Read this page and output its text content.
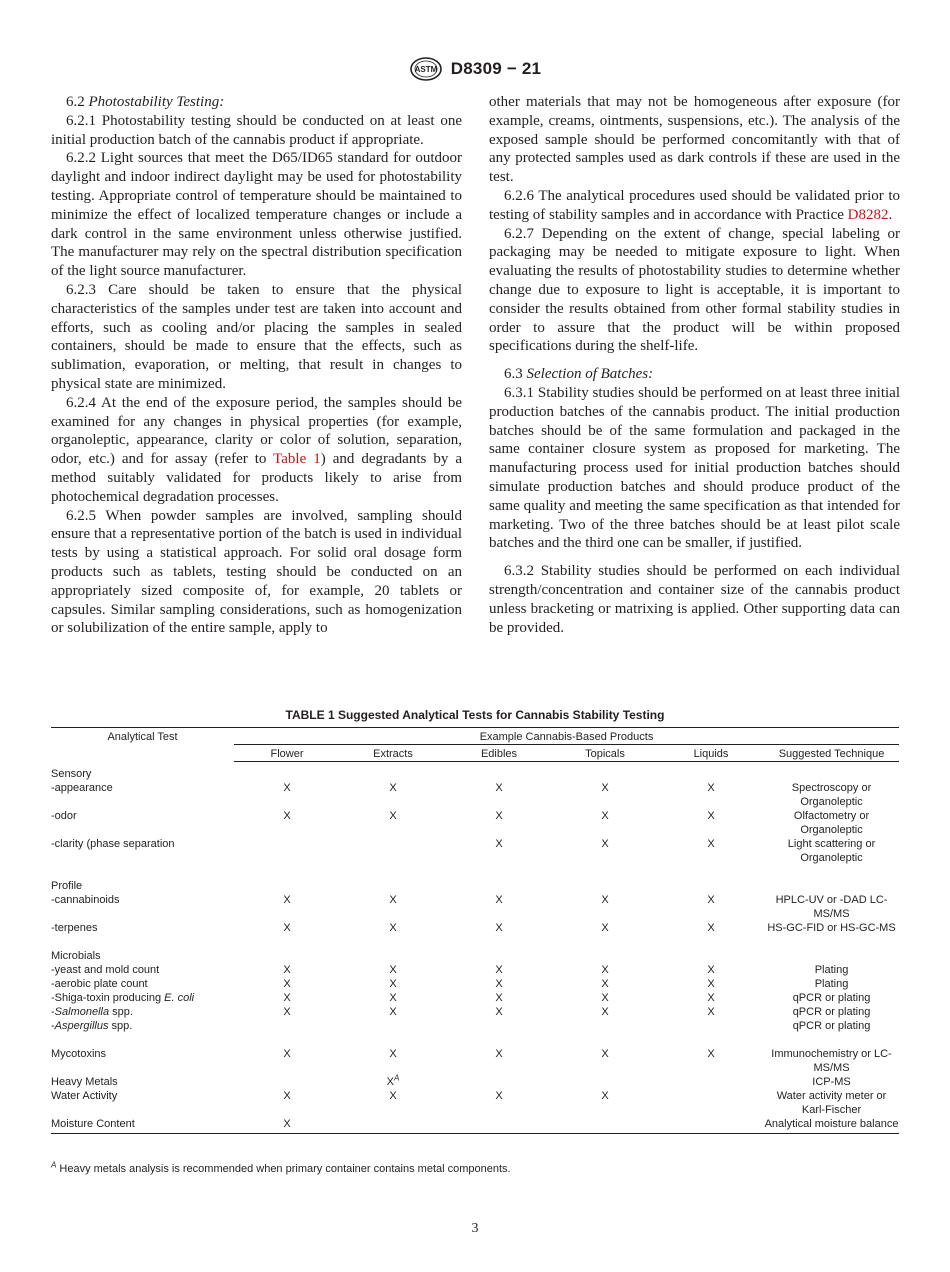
ASTM D8309 − 21

6.2 Photostability Testing:

6.2.1 Photostability testing should be conducted on at least one initial production batch of the cannabis product if appropriate.

6.2.2 Light sources that meet the D65/ID65 standard for outdoor daylight and indoor indirect daylight may be used for photostability testing. Appropriate control of temperature should be maintained to minimize the effect of localized temperature changes or include a dark control in the same environment unless otherwise justified. The manufacturer may rely on the spectral distribution specification of the light source manufacturer.

6.2.3 Care should be taken to ensure that the physical characteristics of the samples under test are taken into account and efforts, such as cooling and/or placing the samples in sealed containers, should be made to ensure that the effects, such as sublimation, evaporation, or melting, that result in changes to physical state are minimized.

6.2.4 At the end of the exposure period, the samples should be examined for any changes in physical properties (for example, organoleptic, appearance, clarity or color of solution, separation, odor, etc.) and for assay (refer to Table 1) and degradants by a method suitably validated for products likely to arise from photochemical degradation processes.

6.2.5 When powder samples are involved, sampling should ensure that a representative portion of the batch is used in individual tests by using a statistical approach. For solid oral dosage form products such as tablets, testing should be conducted on an appropriately sized composite of, for example, 20 tablets or capsules. Similar sampling considerations, such as homogenization or solubilization of the entire sample, apply to

other materials that may not be homogeneous after exposure (for example, creams, ointments, suspensions, etc.). The analysis of the exposed sample should be performed concomitantly with that of any protected samples used as dark controls if these are used in the test.

6.2.6 The analytical procedures used should be validated prior to testing of stability samples and in accordance with Practice D8282.

6.2.7 Depending on the extent of change, special labeling or packaging may be needed to mitigate exposure to light. When evaluating the results of photostability studies to determine whether change due to exposure to light is acceptable, it is important to consider the results obtained from other formal stability studies in order to assure that the product will be within proposed specifications during the shelf-life.

6.3 Selection of Batches:

6.3.1 Stability studies should be performed on at least three initial production batches of the cannabis product. The initial production batches should be of the same formulation and packaged in the same container closure system as proposed for marketing. The manufacturing process used for initial production batches should simulate production batches and should produce product of the same quality and meeting the same specification as that intended for marketing. Two of the three batches should be at least pilot scale batches and the third one can be smaller, if justified.

6.3.2 Stability studies should be performed on each individual strength/concentration and container size of the cannabis product unless bracketing or matrixing is applied. Other supporting data can be provided.

TABLE 1 Suggested Analytical Tests for Cannabis Stability Testing
Analytical Test	Example Cannabis-Based Products					
	Flower	Extracts	Edibles	Topicals	Liquids	Suggested Technique
Sensory						
-appearance	X	X	X	X	X	Spectroscopy or Organoleptic
-odor	X	X	X	X	X	Olfactometry or Organoleptic
-clarity (phase separation			X	X	X	Light scattering or Organoleptic
Profile						
-cannabinoids	X	X	X	X	X	HPLC-UV or -DAD LC-MS/MS
-terpenes	X	X	X	X	X	HS-GC-FID or HS-GC-MS
Microbials						
-yeast and mold count	X	X	X	X	X	Plating
-aerobic plate count	X	X	X	X	X	Plating
-Shiga-toxin producing E. coli	X	X	X	X	X	qPCR or plating
-Salmonella spp.	X	X	X	X	X	qPCR or plating
-Aspergillus spp.						qPCR or plating
Mycotoxins	X	X	X	X	X	Immunochemistry or LC-MS/MS
Heavy Metals		$X^A$				ICP-MS
Water Activity	X	X	X	X		Water activity meter or Karl-Fischer
Moisture Content	X					Analytical moisture balance
$^A$ Heavy metals analysis is recommended when primary container contains metal components.
3
